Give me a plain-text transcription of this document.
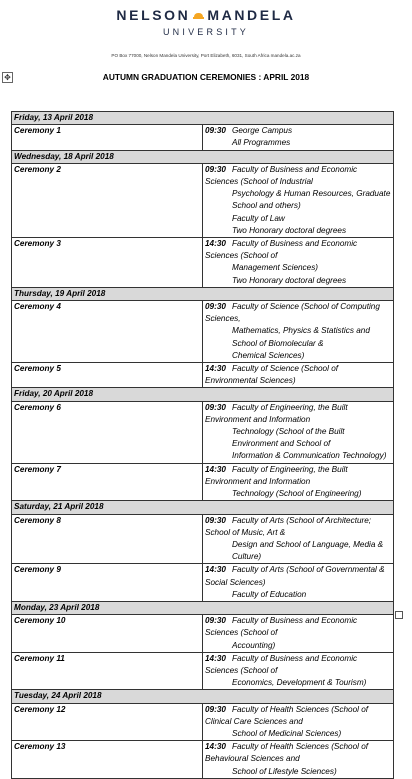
NELSON MANDELA
UNIVERSITY
PO Box 77000, Nelson Mandela University, Port Elizabeth, 6031, South Africa mandela.ac.za
✥	AUTUMN GRADUATION CEREMONIES : APRIL 2018
Friday, 13 April 2018	
Ceremony 1	09:30 George Campus
All Programmes

Wednesday, 18 April 2018	
Ceremony 2	09:30 Faculty of Business and Economic Sciences (School of Industrial
Psychology & Human Resources, Graduate School and others)
Faculty of Law
Two Honorary doctoral degrees

Ceremony 3	14:30 Faculty of Business and Economic Sciences (School of
Management Sciences)
Two Honorary doctoral degrees

Thursday, 19 April 2018	
Ceremony 4	09:30 Faculty of Science (School of Computing Sciences,
Mathematics, Physics & Statistics and School of Biomolecular &
Chemical Sciences)

Ceremony 5	14:30 Faculty of Science (School of Environmental Sciences)

Friday, 20 April 2018	
Ceremony 6	09:30 Faculty of Engineering, the Built Environment and Information
Technology (School of the Built Environment and School of
Information & Communication Technology)

Ceremony 7	14:30 Faculty of Engineering, the Built Environment and Information
Technology (School of Engineering)

Saturday, 21 April 2018	
Ceremony 8	09:30 Faculty of Arts (School of Architecture; School of Music, Art &
Design and School of Language, Media & Culture)

Ceremony 9	14:30 Faculty of Arts (School of Governmental & Social Sciences)
Faculty of Education

Monday, 23 April 2018	
Ceremony 10	09:30 Faculty of Business and Economic Sciences (School of
Accounting)

Ceremony 11	14:30 Faculty of Business and Economic Sciences (School of
Economics, Development & Tourism)

Tuesday, 24 April 2018	
Ceremony 12	09:30 Faculty of Health Sciences (School of Clinical Care Sciences and
School of Medicinal Sciences)

Ceremony 13	14:30 Faculty of Health Sciences (School of Behavioural Sciences and
School of Lifestyle Sciences)
